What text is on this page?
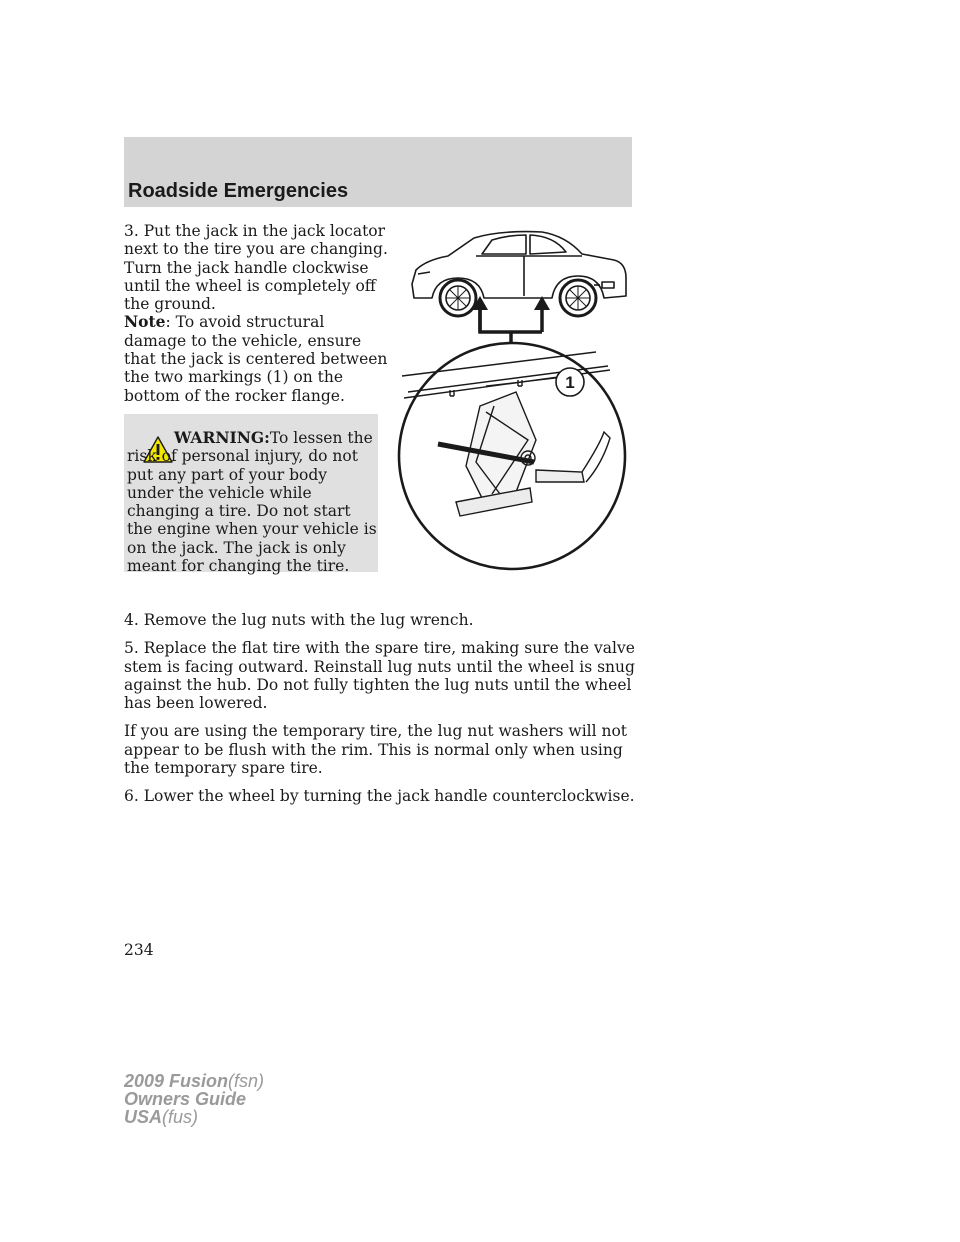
Roadside Emergencies

3. Put the jack in the jack locator next to the tire you are changing. Turn the jack handle clockwise until the wheel is completely off the ground.

Note: To avoid structural damage to the vehicle, ensure that the jack is centered between the two markings (1) on the bottom of the rocker flange.

WARNING:To lessen the risk of personal injury, do not put any part of your body under the vehicle while changing a tire. Do not start the engine when your vehicle is on the jack. The jack is only meant for changing the tire.
1

4. Remove the lug nuts with the lug wrench.

5. Replace the flat tire with the spare tire, making sure the valve stem is facing outward. Reinstall lug nuts until the wheel is snug against the hub. Do not fully tighten the lug nuts until the wheel has been lowered.

If you are using the temporary tire, the lug nut washers will not appear to be flush with the rim. This is normal only when using the temporary spare tire.

6. Lower the wheel by turning the jack handle counterclockwise.

234
2009 Fusion(fsn)
Owners Guide
USA(fus)
